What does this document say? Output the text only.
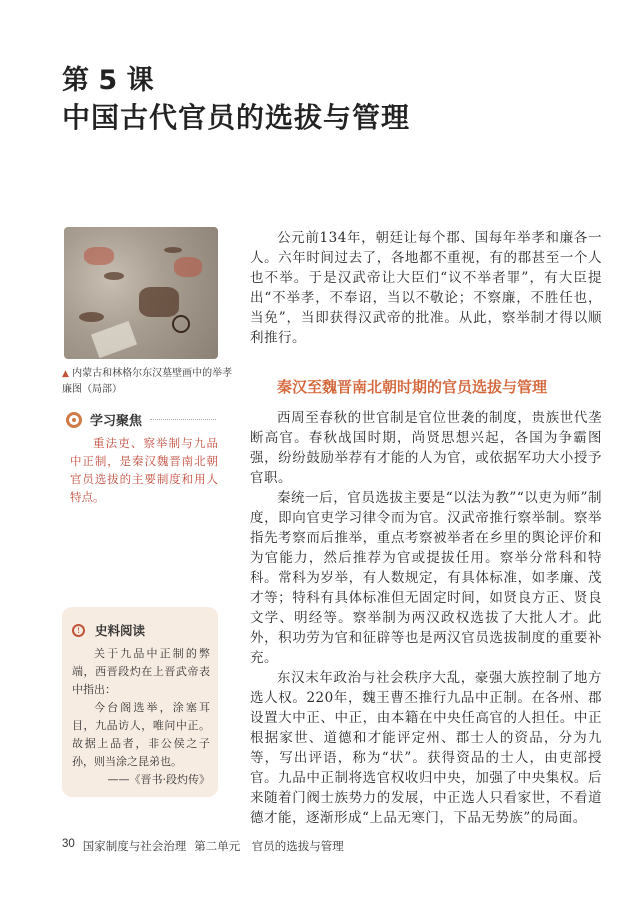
第 5 课
中国古代官员的选拔与管理
▲ 内蒙古和林格尔东汉墓壁画中的举孝廉图（局部）
学习聚焦
重法吏、察举制与九品中正制，是秦汉魏晋南北朝官员选拔的主要制度和用人特点。
!	史料阅读

关于九品中正制的弊端，西晋段灼在上晋武帝表中指出：

今台阁选举，涂塞耳目，九品访人，唯问中正。故据上品者，非公侯之子孙，则当涂之昆弟也。

——《晋书·段灼传》

公元前134年，朝廷让每个郡、国每年举孝和廉各一人。六年时间过去了，各地都不重视，有的郡甚至一个人也不举。于是汉武帝让大臣们“议不举者罪”，有大臣提出“不举孝，不奉诏，当以不敬论；不察廉，不胜任也，当免”，当即获得汉武帝的批准。从此，察举制才得以顺利推行。

秦汉至魏晋南北朝时期的官员选拔与管理

西周至春秋的世官制是官位世袭的制度，贵族世代垄断高官。春秋战国时期，尚贤思想兴起，各国为争霸图强，纷纷鼓励举荐有才能的人为官，或依据军功大小授予官职。

秦统一后，官员选拔主要是“以法为教”“以吏为师”制度，即向官吏学习律令而为官。汉武帝推行察举制。察举指先考察而后推举，重点考察被举者在乡里的舆论评价和为官能力，然后推荐为官或提拔任用。察举分常科和特科。常科为岁举，有人数规定，有具体标准，如孝廉、茂才等；特科有具体标准但无固定时间，如贤良方正、贤良文学、明经等。察举制为两汉政权选拔了大批人才。此外，积功劳为官和征辟等也是两汉官员选拔制度的重要补充。

东汉末年政治与社会秩序大乱，豪强大族控制了地方选人权。220年，魏王曹丕推行九品中正制。在各州、郡设置大中正、中正，由本籍在中央任高官的人担任。中正根据家世、道德和才能评定州、郡士人的资品，分为九等，写出评语，称为“状”。获得资品的士人，由吏部授官。九品中正制将选官权收归中央，加强了中央集权。后来随着门阀士族势力的发展，中正选人只看家世，不看道德才能，逐渐形成“上品无寒门，下品无势族”的局面。

30 国家制度与社会治理 第二单元　官员的选拔与管理
